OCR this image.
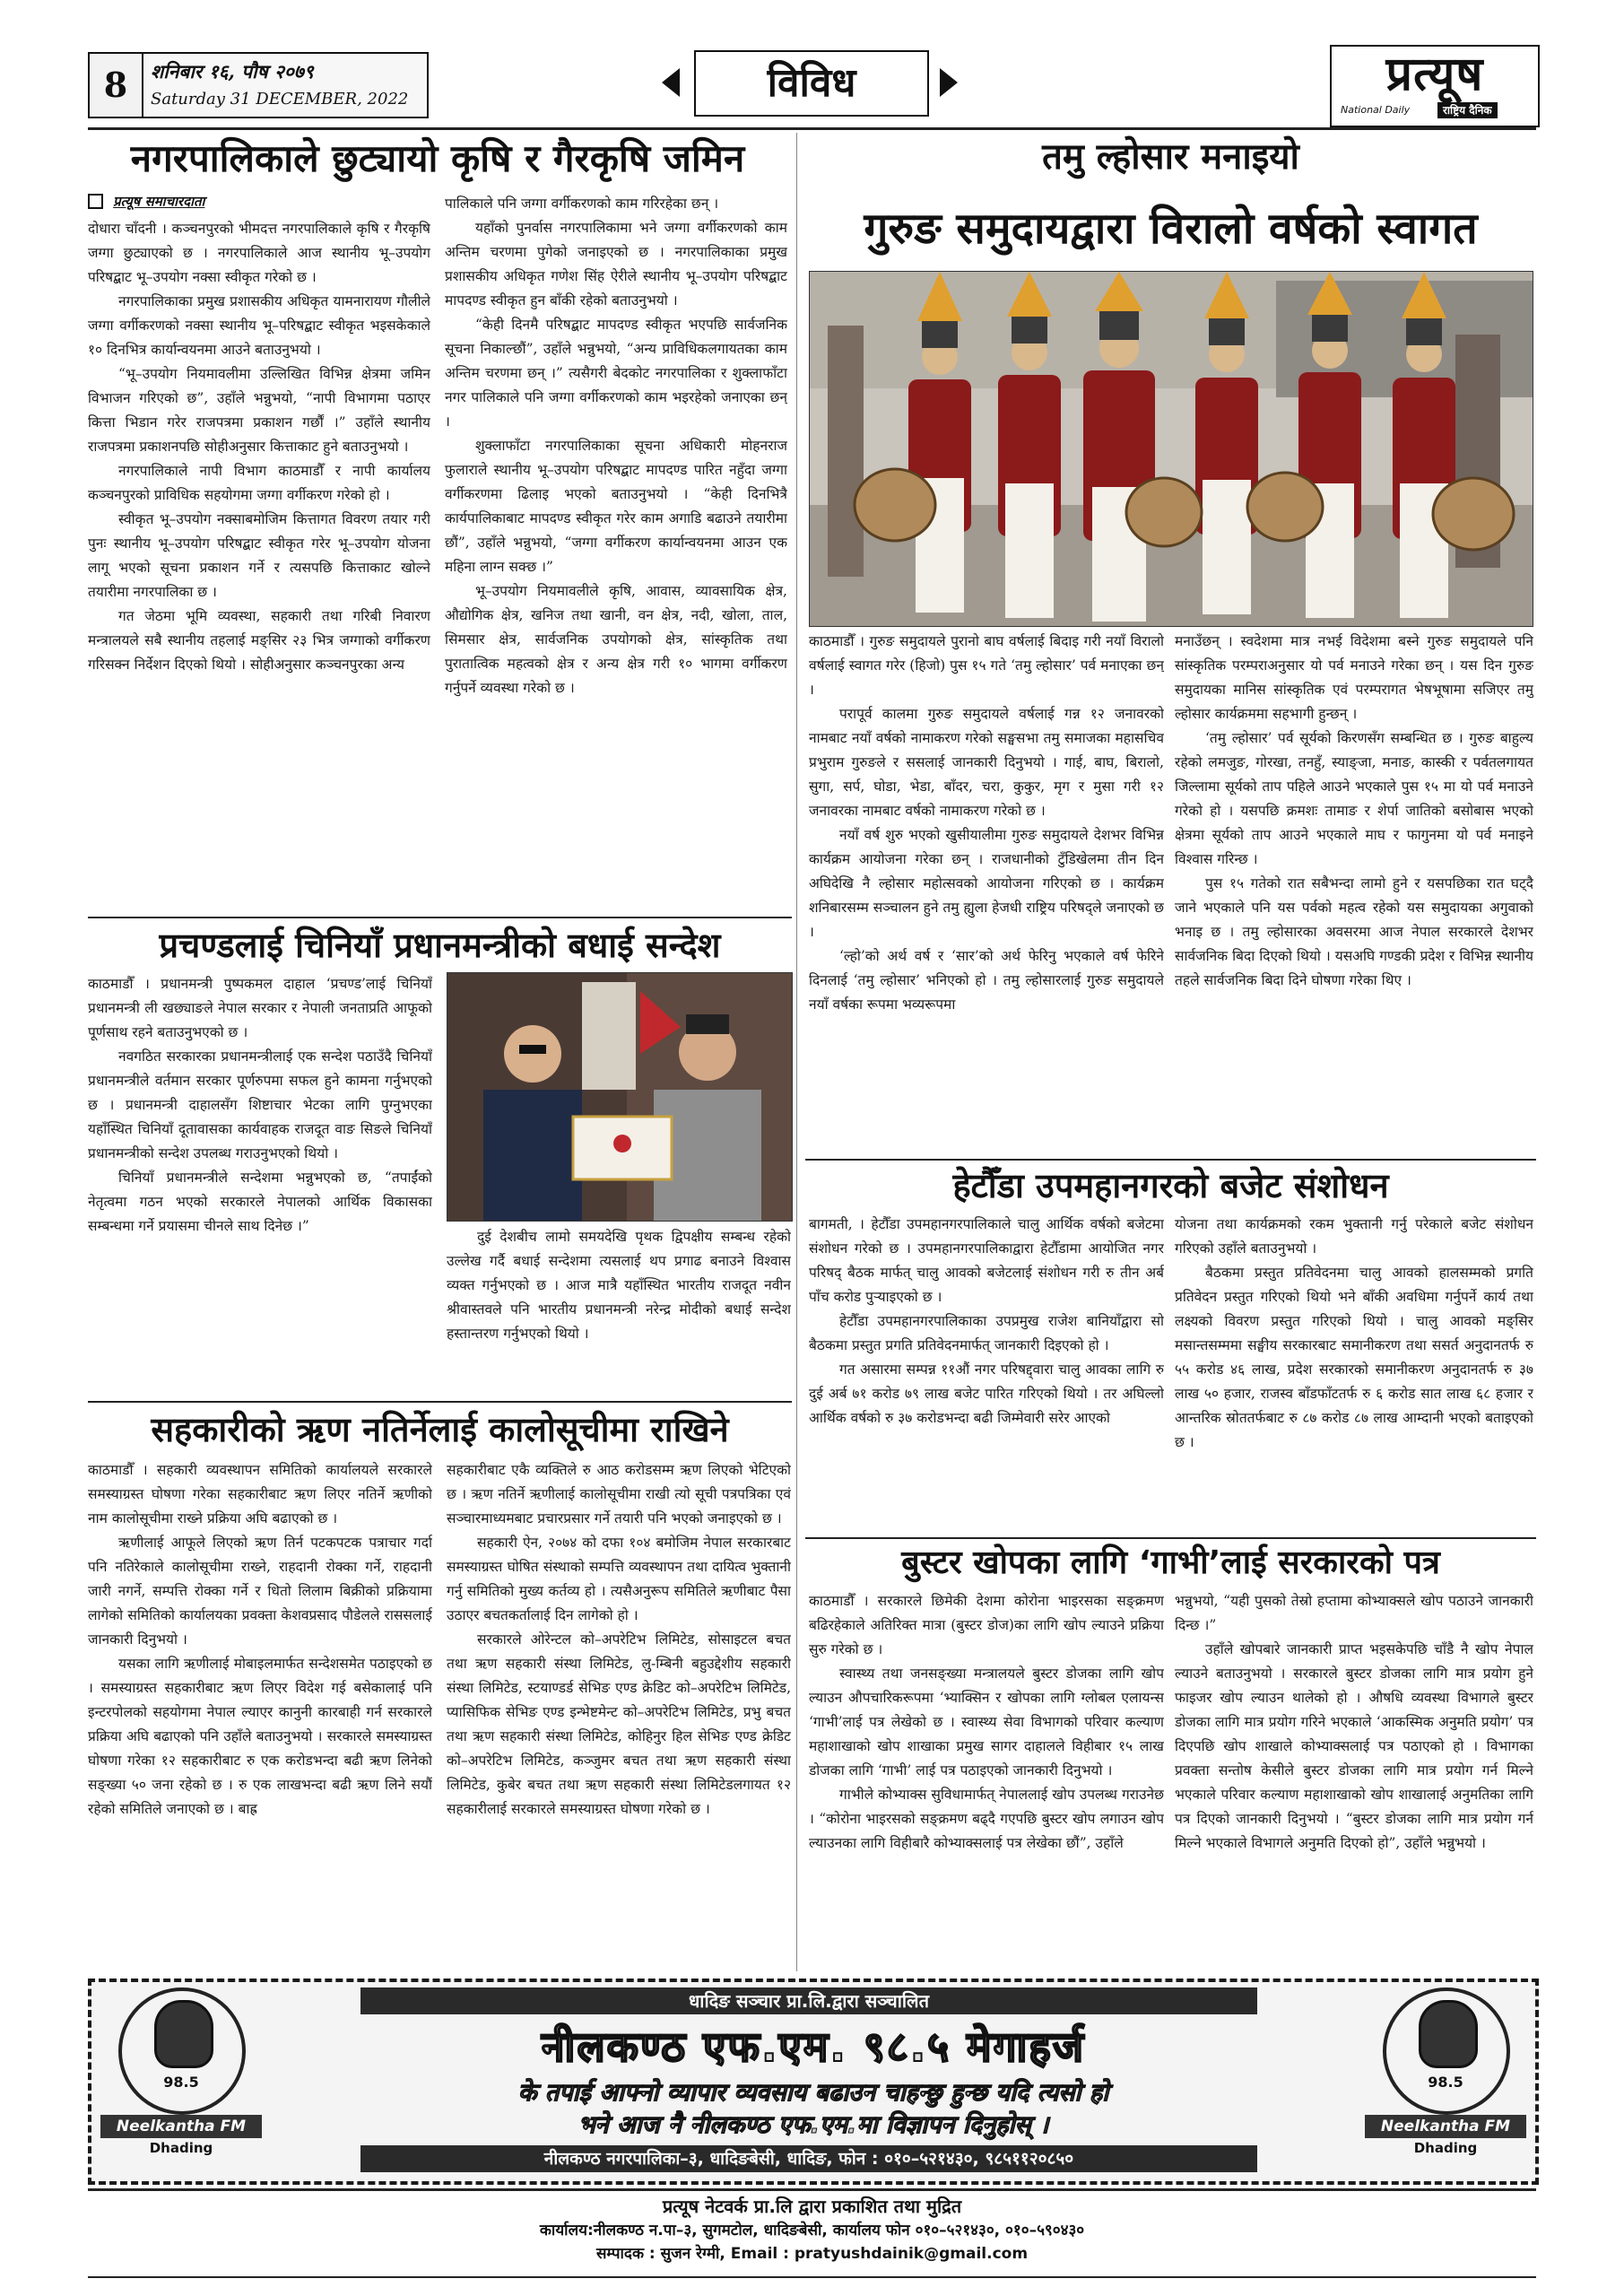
8	शनिबार १६, पौष २०७९
Saturday 31 DECEMBER, 2022	विविध	प्रत्यूष
National Daily	राष्ट्रिय दैनिक
नगरपालिकाले छुट्यायो कृषि र गैरकृषि जमिन
प्रत्यूष समाचारदाता

दोधारा चाँदनी । कञ्चनपुरको भीमदत्त नगरपालिकाले कृषि र गैरकृषि जग्गा छुट्याएको छ । नगरपालिकाले आज स्थानीय भू–उपयोग परिषद्बाट भू–उपयोग नक्सा स्वीकृत गरेको छ ।

नगरपालिकाका प्रमुख प्रशासकीय अधिकृत यामनारायण गौलीले जग्गा वर्गीकरणको नक्सा स्थानीय भू–परिषद्बाट स्वीकृत भइसकेकाले १० दिनभित्र कार्यान्वयनमा आउने बताउनुभयो ।

“भू–उपयोग नियमावलीमा उल्लिखित विभिन्न क्षेत्रमा जमिन विभाजन गरिएको छ”, उहाँले भन्नुभयो, “नापी विभागमा पठाएर कित्ता भिडान गरेर राजपत्रमा प्रकाशन गर्छौं ।” उहाँले स्थानीय राजपत्रमा प्रकाशनपछि सोहीअनुसार कित्ताकाट हुने बताउनुभयो ।

नगरपालिकाले नापी विभाग काठमाडौँ र नापी कार्यालय कञ्चनपुरको प्राविधिक सहयोगमा जग्गा वर्गीकरण गरेको हो ।

स्वीकृत भू–उपयोग नक्साबमोजिम कित्तागत विवरण तयार गरी पुनः स्थानीय भू–उपयोग परिषद्बाट स्वीकृत गरेर भू–उपयोग योजना लागू भएको सूचना प्रकाशन गर्ने र त्यसपछि कित्ताकाट खोल्ने तयारीमा नगरपालिका छ ।

गत जेठमा भूमि व्यवस्था, सहकारी तथा गरिबी निवारण मन्त्रालयले सबै स्थानीय तहलाई मङ्सिर २३ भित्र जग्गाको वर्गीकरण गरिसक्न निर्देशन दिएको थियो । सोहीअनुसार कञ्चनपुरका अन्य

पालिकाले पनि जग्गा वर्गीकरणको काम गरिरहेका छन् ।

यहाँको पुनर्वास नगरपालिकामा भने जग्गा वर्गीकरणको काम अन्तिम चरणमा पुगेको जनाइएको छ । नगरपालिकाका प्रमुख प्रशासकीय अधिकृत गणेश सिंह ऐरीले स्थानीय भू–उपयोग परिषद्बाट मापदण्ड स्वीकृत हुन बाँकी रहेको बताउनुभयो ।

“केही दिनमै परिषद्बाट मापदण्ड स्वीकृत भएपछि सार्वजनिक सूचना निकाल्छौं”, उहाँले भन्नुभयो, “अन्य प्राविधिकलगायतका काम अन्तिम चरणमा छन् ।” त्यसैगरी बेदकोट नगरपालिका र शुक्लाफाँटा नगर पालिकाले पनि जग्गा वर्गीकरणको काम भइरहेको जनाएका छन् ।

शुक्लाफाँटा नगरपालिकाका सूचना अधिकारी मोहनराज फुलाराले स्थानीय भू–उपयोग परिषद्बाट मापदण्ड पारित नहुँदा जग्गा वर्गीकरणमा ढिलाइ भएको बताउनुभयो । “केही दिनभित्रै कार्यपालिकाबाट मापदण्ड स्वीकृत गरेर काम अगाडि बढाउने तयारीमा छौं”, उहाँले भन्नुभयो, “जग्गा वर्गीकरण कार्यान्वयनमा आउन एक महिना लाग्न सक्छ ।”

भू–उपयोग नियमावलीले कृषि, आवास, व्यावसायिक क्षेत्र, औद्योगिक क्षेत्र, खनिज तथा खानी, वन क्षेत्र, नदी, खोला, ताल, सिमसार क्षेत्र, सार्वजनिक उपयोगको क्षेत्र, सांस्कृतिक तथा पुरातात्विक महत्वको क्षेत्र र अन्य क्षेत्र गरी १० भागमा वर्गीकरण गर्नुपर्ने व्यवस्था गरेको छ ।

तमु ल्होसार मनाइयो
गुरुङ समुदायद्वारा विरालो वर्षको स्वागत

काठमाडौँ । गुरुङ समुदायले पुरानो बाघ वर्षलाई बिदाइ गरी नयाँ विरालो वर्षलाई स्वागत गरेर (हिजो) पुस १५ गते ‘तमु ल्होसार’ पर्व मनाएका छन् ।

परापूर्व कालमा गुरुङ समुदायले वर्षलाई गन्न १२ जनावरको नामबाट नयाँ वर्षको नामाकरण गरेको सङ्घसभा तमु समाजका महासचिव प्रभुराम गुरुङले र ससलाई जानकारी दिनुभयो । गाई, बाघ, बिरालो, सुगा, सर्प, घोडा, भेडा, बाँदर, चरा, कुकुर, मृग र मुसा गरी १२ जनावरका नामबाट वर्षको नामाकरण गरेको छ ।

नयाँ वर्ष शुरु भएको खुसीयालीमा गुरुङ समुदायले देशभर विभिन्न कार्यक्रम आयोजना गरेका छन् । राजधानीको टुँडिखेलमा तीन दिन अघिदेखि नै ल्होसार महोत्सवको आयोजना गरिएको छ । कार्यक्रम शनिबारसम्म सञ्चालन हुने तमु ह्युला हेजधी राष्ट्रिय परिषद्ले जनाएको छ ।

‘ल्हो’को अर्थ वर्ष र ‘सार’को अर्थ फेरिनु भएकाले वर्ष फेरिने दिनलाई ‘तमु ल्होसार’ भनिएको हो । तमु ल्होसारलाई गुरुङ समुदायले नयाँ वर्षका रूपमा भव्यरूपमा

मनाउँछन् । स्वदेशमा मात्र नभई विदेशमा बस्ने गुरुङ समुदायले पनि सांस्कृतिक परम्पराअनुसार यो पर्व मनाउने गरेका छन् । यस दिन गुरुङ समुदायका मानिस सांस्कृतिक एवं परम्परागत भेषभूषामा सजिएर तमु ल्होसार कार्यक्रममा सहभागी हुन्छन् ।

‘तमु ल्होसार’ पर्व सूर्यको किरणसँग सम्बन्धित छ । गुरुङ बाहुल्य रहेको लमजुङ, गोरखा, तनहुँ, स्याङ्जा, मनाङ, कास्की र पर्वतलगायत जिल्लामा सूर्यको ताप पहिले आउने भएकाले पुस १५ मा यो पर्व मनाउने गरेको हो । यसपछि क्रमशः तामाङ र शेर्पा जातिको बसोबास भएको क्षेत्रमा सूर्यको ताप आउने भएकाले माघ र फागुनमा यो पर्व मनाइने विश्वास गरिन्छ ।

पुस १५ गतेको रात सबैभन्दा लामो हुने र यसपछिका रात घट्दै जाने भएकाले पनि यस पर्वको महत्व रहेको यस समुदायका अगुवाको भनाइ छ । तमु ल्होसारका अवसरमा आज नेपाल सरकारले देशभर सार्वजनिक बिदा दिएको थियो । यसअघि गण्डकी प्रदेश र विभिन्न स्थानीय तहले सार्वजनिक बिदा दिने घोषणा गरेका थिए ।

प्रचण्डलाई चिनियाँ प्रधानमन्त्रीको बधाई सन्देश

काठमाडौँ । प्रधानमन्त्री पुष्पकमल दाहाल ‘प्रचण्ड’लाई चिनियाँ प्रधानमन्त्री ली खछ्याङले नेपाल सरकार र नेपाली जनताप्रति आफूको पूर्णसाथ रहने बताउनुभएको छ ।

नवगठित सरकारका प्रधानमन्त्रीलाई एक सन्देश पठाउँदै चिनियाँ प्रधानमन्त्रीले वर्तमान सरकार पूर्णरुपमा सफल हुने कामना गर्नुभएको छ । प्रधानमन्त्री दाहालसँग शिष्टाचार भेटका लागि पुग्नुभएका यहाँस्थित चिनियाँ दूतावासका कार्यवाहक राजदूत वाङ सिङले चिनियाँ प्रधानमन्त्रीको सन्देश उपलब्ध गराउनुभएको थियो ।

चिनियाँ प्रधानमन्त्रीले सन्देशमा भन्नुभएको छ, “तपाईंको नेतृत्वमा गठन भएको सरकारले नेपालको आर्थिक विकासका सम्बन्धमा गर्ने प्रयासमा चीनले साथ दिनेछ ।”

दुई देशबीच लामो समयदेखि पृथक द्विपक्षीय सम्बन्ध रहेको उल्लेख गर्दै बधाई सन्देशमा त्यसलाई थप प्रगाढ बनाउने विश्वास व्यक्त गर्नुभएको छ । आज मात्रै यहाँस्थित भारतीय राजदूत नवीन श्रीवास्तवले पनि भारतीय प्रधानमन्त्री नरेन्द्र मोदीको बधाई सन्देश हस्तान्तरण गर्नुभएको थियो ।

हेटौँडा उपमहानगरको बजेट संशोधन

बागमती, । हेटौँडा उपमहानगरपालिकाले चालु आर्थिक वर्षको बजेटमा संशोधन गरेको छ । उपमहानगरपालिकाद्वारा हेटौँडामा आयोजित नगर परिषद् बैठक मार्फत् चालु आवको बजेटलाई संशोधन गरी रु तीन अर्ब पाँच करोड पुऱ्याइएको छ ।

हेटौँडा उपमहानगरपालिकाका उपप्रमुख राजेश बानियाँद्वारा सो बैठकमा प्रस्तुत प्रगति प्रतिवेदनमार्फत् जानकारी दिइएको हो ।

गत असारमा सम्पन्न ११औं नगर परिषद्द्वारा चालु आवका लागि रु दुई अर्ब ७१ करोड ७९ लाख बजेट पारित गरिएको थियो । तर अघिल्लो आर्थिक वर्षको रु ३७ करोडभन्दा बढी जिम्मेवारी सरेर आएको

योजना तथा कार्यक्रमको रकम भुक्तानी गर्नु परेकाले बजेट संशोधन गरिएको उहाँले बताउनुभयो ।

बैठकमा प्रस्तुत प्रतिवेदनमा चालु आवको हालसम्मको प्रगति प्रतिवेदन प्रस्तुत गरिएको थियो भने बाँकी अवधिमा गर्नुपर्ने कार्य तथा लक्ष्यको विवरण प्रस्तुत गरिएको थियो । चालु आवको मङ्सिर मसान्तसम्ममा सङ्घीय सरकारबाट समानीकरण तथा ससर्त अनुदानतर्फ रु ५५ करोड ४६ लाख, प्रदेश सरकारको समानीकरण अनुदानतर्फ रु ३७ लाख ५० हजार, राजस्व बाँडफाँटतर्फ रु ६ करोड सात लाख ६८ हजार र आन्तरिक स्रोततर्फबाट रु ८७ करोड ८७ लाख आम्दानी भएको बताइएको छ ।

सहकारीको ऋण नतिर्नेलाई कालोसूचीमा राखिने

काठमाडौँ । सहकारी व्यवस्थापन समितिको कार्यालयले सरकारले समस्याग्रस्त घोषणा गरेका सहकारीबाट ऋण लिएर नतिर्ने ऋणीको नाम कालोसूचीमा राख्ने प्रक्रिया अघि बढाएको छ ।

ऋणीलाई आफूले लिएको ऋण तिर्न पटकपटक पत्राचार गर्दा पनि नतिरेकाले कालोसूचीमा राख्ने, राहदानी रोक्का गर्ने, राहदानी जारी नगर्ने, सम्पत्ति रोक्का गर्ने र धितो लिलाम बिक्रीको प्रक्रियामा लागेको समितिको कार्यालयका प्रवक्ता केशवप्रसाद पौडेलले राससलाई जानकारी दिनुभयो ।

यसका लागि ऋणीलाई मोबाइलमार्फत सन्देशसमेत पठाइएको छ । समस्याग्रस्त सहकारीबाट ऋण लिएर विदेश गई बसेकालाई पनि इन्टरपोलको सहयोगमा नेपाल ल्याएर कानुनी कारबाही गर्न सरकारले प्रक्रिया अघि बढाएको पनि उहाँले बताउनुभयो । सरकारले समस्याग्रस्त घोषणा गरेका १२ सहकारीबाट रु एक करोडभन्दा बढी ऋण लिनेको सङ्ख्या ५० जना रहेको छ । रु एक लाखभन्दा बढी ऋण लिने सयौं रहेको समितिले जनाएको छ । बाह्र

सहकारीबाट एकै व्यक्तिले रु आठ करोडसम्म ऋण लिएको भेटिएको छ । ऋण नतिर्ने ऋणीलाई कालोसूचीमा राखी त्यो सूची पत्रपत्रिका एवं सञ्चारमाध्यमबाट प्रचारप्रसार गर्ने तयारी पनि भएको जनाइएको छ ।

सहकारी ऐन, २०७४ को दफा १०४ बमोजिम नेपाल सरकारबाट समस्याग्रस्त घोषित संस्थाको सम्पत्ति व्यवस्थापन तथा दायित्व भुक्तानी गर्नु समितिको मुख्य कर्तव्य हो । त्यसैअनुरूप समितिले ऋणीबाट पैसा उठाएर बचतकर्तालाई दिन लागेको हो ।

सरकारले ओरेन्टल को–अपरेटिभ लिमिटेड, सोसाइटल बचत तथा ऋण सहकारी संस्था लिमिटेड, लु-म्बिनी बहुउद्देशीय सहकारी संस्था लिमिटेड, स्टयाण्डर्ड सेभिङ एण्ड क्रेडिट को–अपरेटिभ लिमिटेड, प्यासिफिक सेभिङ एण्ड इन्भेष्टमेन्ट को–अपरेटिभ लिमिटेड, प्रभु बचत तथा ऋण सहकारी संस्था लिमिटेड, कोहिनुर हिल सेभिङ एण्ड क्रेडिट को–अपरेटिभ लिमिटेड, कञ्जुमर बचत तथा ऋण सहकारी संस्था लिमिटेड, कुबेर बचत तथा ऋण सहकारी संस्था लिमिटेडलगायत १२ सहकारीलाई सरकारले समस्याग्रस्त घोषणा गरेको छ ।

बुस्टर खोपका लागि ‘गाभी’लाई सरकारको पत्र

काठमाडौँ । सरकारले छिमेकी देशमा कोरोना भाइरसका सङ्क्रमण बढिरहेकाले अतिरिक्त मात्रा (बुस्टर डोज)का लागि खोप ल्याउने प्रक्रिया सुरु गरेको छ ।

स्वास्थ्य तथा जनसङ्ख्या मन्त्रालयले बुस्टर डोजका लागि खोप ल्याउन औपचारिकरूपमा ‘भ्याक्सिन र खोपका लागि ग्लोबल एलायन्स ‘गाभी’लाई पत्र लेखेको छ । स्वास्थ्य सेवा विभागको परिवार कल्याण महाशाखाको खोप शाखाका प्रमुख सागर दाहालले विहीबार १५ लाख डोजका लागि ‘गाभी’ लाई पत्र पठाइएको जानकारी दिनुभयो ।

गाभीले कोभ्याक्स सुविधामार्फत् नेपाललाई खोप उपलब्ध गराउनेछ । “कोरोना भाइरसको सङ्क्रमण बढ्दै गएपछि बुस्टर खोप लगाउन खोप ल्याउनका लागि विहीबारै कोभ्याक्सलाई पत्र लेखेका छौं”, उहाँले

भन्नुभयो, “यही पुसको तेस्रो हप्तामा कोभ्याक्सले खोप पठाउने जानकारी दिन्छ ।”

उहाँले खोपबारे जानकारी प्राप्त भइसकेपछि चाँडै नै खोप नेपाल ल्याउने बताउनुभयो । सरकारले बुस्टर डोजका लागि मात्र प्रयोग हुने फाइजर खोप ल्याउन थालेको हो । औषधि व्यवस्था विभागले बुस्टर डोजका लागि मात्र प्रयोग गरिने भएकाले ‘आकस्मिक अनुमति प्रयोग’ पत्र दिएपछि खोप शाखाले कोभ्याक्सलाई पत्र पठाएको हो । विभागका प्रवक्ता सन्तोष केसीले बुस्टर डोजका लागि मात्र प्रयोग गर्न मिल्ने भएकाले परिवार कल्याण महाशाखाको खोप शाखालाई अनुमतिका लागि पत्र दिएको जानकारी दिनुभयो । “बुस्टर डोजका लागि मात्र प्रयोग गर्न मिल्ने भएकाले विभागले अनुमति दिएको हो”, उहाँले भन्नुभयो ।

धादिङ सञ्चार प्रा.लि.द्वारा सञ्चालित
नीलकण्ठ एफ.एम. ९८.५ मेगाहर्ज
के तपाई आफ्नो व्यापार व्यवसाय बढाउन चाहन्छु हुन्छ यदि त्यसो हो
भने आज नै नीलकण्ठ एफ.एम.मा विज्ञापन दिनुहोस् ।
नीलकण्ठ नगरपालिका–३, धादिङबेसी, धादिङ, फोन : ०१०–५२१४३०, ९८५११२०८५०
98.5
Neelkantha FM
Dhading
98.5
Neelkantha FM
Dhading
प्रत्यूष नेटवर्क प्रा.लि द्वारा प्रकाशित तथा मुद्रित
कार्यालय:नीलकण्ठ न.पा–३, सुगमटोल, धादिङबेसी, कार्यालय फोन ०१०–५२१४३०, ०१०–५९०४३०
सम्पादक : सुजन रेग्मी, Email : pratyushdainik@gmail.com
